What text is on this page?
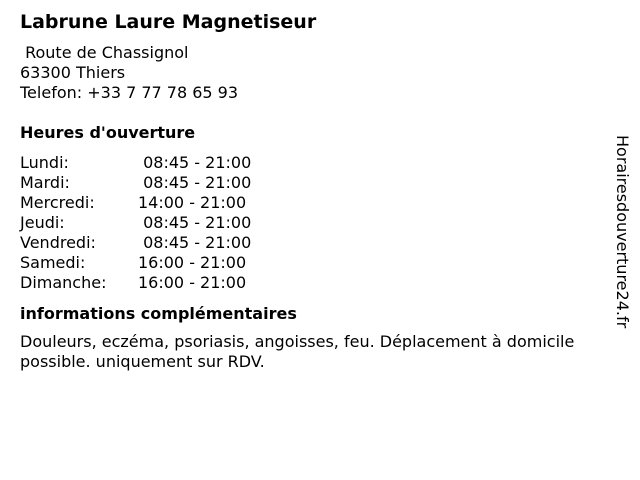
Labrune Laure Magnetiseur
Route de Chassignol
63300 Thiers
Telefon: +33 7 77 78 65 93
Heures d'ouverture
Lundi:	08:45 - 21:00
Mardi:	08:45 - 21:00
Mercredi:	14:00 - 21:00
Jeudi:	08:45 - 21:00
Vendredi:	08:45 - 21:00
Samedi:	16:00 - 21:00
Dimanche:	16:00 - 21:00
informations complémentaires
Douleurs, eczéma, psoriasis, angoisses, feu. Déplacement à domicile possible. uniquement sur RDV.
Horairesdouverture24.fr
